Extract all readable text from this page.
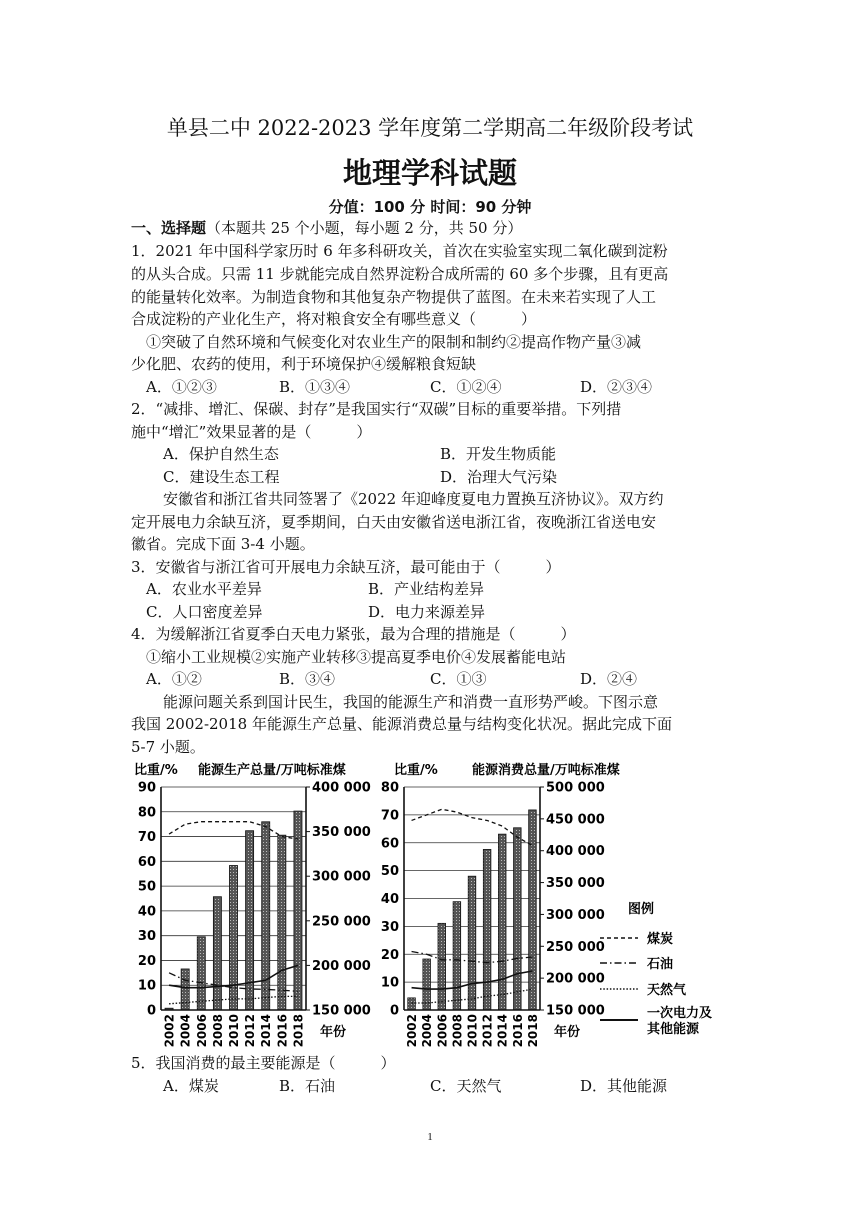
单县二中 2022-2023 学年度第二学期高二年级阶段考试
地理学科试题
分值：100 分 时间：90 分钟
一、选择题（本题共 25 个小题，每小题 2 分，共 50 分）
1．2021 年中国科学家历时 6 年多科研攻关，首次在实验室实现二氧化碳到淀粉
的从头合成。只需 11 步就能完成自然界淀粉合成所需的 60 多个步骤，且有更高
的能量转化效率。为制造食物和其他复杂产物提供了蓝图。在未来若实现了人工
合成淀粉的产业化生产，将对粮食安全有哪些意义（　　　）
①突破了自然环境和气候变化对农业生产的限制和制约②提高作物产量③减
少化肥、农药的使用，利于环境保护④缓解粮食短缺
A．①②③	B．①③④	C．①②④	D．②③④
2．“减排、增汇、保碳、封存”是我国实行“双碳”目标的重要举措。下列措
施中“增汇”效果显著的是（　　　）
A．保护自然生态	B．开发生物质能
C．建设生态工程	D．治理大气污染
安徽省和浙江省共同签署了《2022 年迎峰度夏电力置换互济协议》。双方约
定开展电力余缺互济，夏季期间，白天由安徽省送电浙江省，夜晚浙江省送电安
徽省。完成下面 3-4 小题。
3．安徽省与浙江省可开展电力余缺互济，最可能由于（　　　）
A．农业水平差异	B．产业结构差异
C．人口密度差异	D．电力来源差异
4．为缓解浙江省夏季白天电力紧张，最为合理的措施是（　　　）
①缩小工业规模②实施产业转移③提高夏季电价④发展蓄能电站
A．①②	B．③④	C．①③	D．②④
能源问题关系到国计民生，我国的能源生产和消费一直形势严峻。下图示意
我国 2002-2018 年能源生产总量、能源消费总量与结构变化状况。据此完成下面
5-7 小题。
比重/% 能源生产总量/万吨标准煤
0
10
20
30
40
50
60
70
80
90
150 000
200 000
250 000
300 000
350 000
400 000
2002 2004 2006 2008 2010 2012 2014 2016 2018 年份
比重/%	能源消费总量/万吨标准煤
0
10
20
30
40
50
60
70
80
150 000
200 000
250 000
300 000
350 000
400 000
450 000
500 000
2002 2004 2006 2008 2010 2012 2014 2016 2018 年份
图例
煤炭
石油
天然气
一次电力及
其他能源
5．我国消费的最主要能源是（　　　）
A．煤炭	B．石油	C．天然气	D．其他能源
1
